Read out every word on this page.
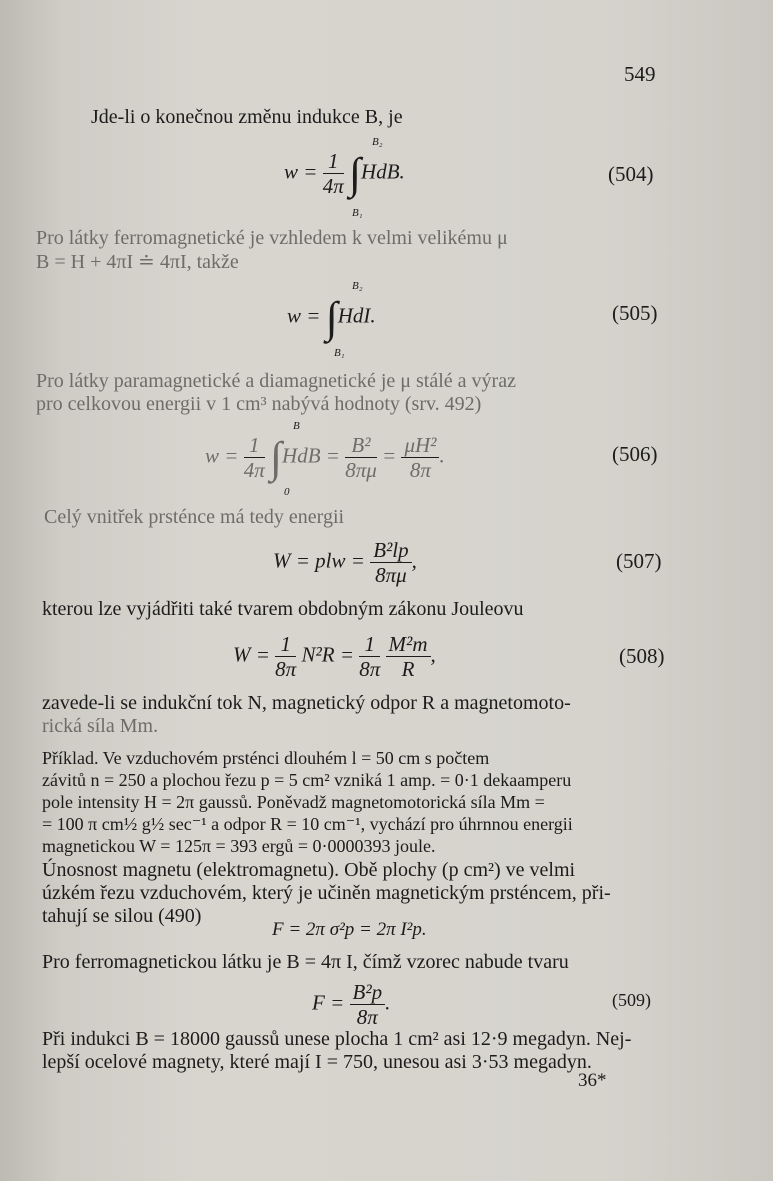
549
Jde-li o konečnou změnu indukce B, je
$w = \frac{1}{4\pi} \int HdB$.
B₂
B₁
(504)
Pro látky ferromagnetické je vzhledem k velmi velikému μ
B = H + 4πI ≐ 4πI, takže
w = ∫HdI.
B₂
B₁
(505)
Pro látky paramagnetické a diamagnetické je μ stálé a výraz
pro celkovou energii v 1 cm³ nabývá hodnoty (srv. 492)
$w = \frac{1}{4\pi} \int HdB = \frac{\text{B²}}{8\pi\mu} = \frac{\text{μH²}}{8\pi}$ .
B
0
(506)
Celý vnitřek prsténce má tedy energii
W = plw = $\frac{\text{B²lp}}{8\pi\mu}$ ,	(507)
kterou lze vyjádřiti také tvarem obdobným zákonu Jouleovu
$W = \frac{1}{8\pi} N^2R = \frac{1}{8\pi}$
$\frac{\text{M²m}}{R}$ ,	(508)
zavede-li se indukční tok N, magnetický odpor R a magnetomoto-
rická síla Mm.
Příklad. Ve vzduchovém prsténci dlouhém l = 50 cm s počtem
závitů n = 250 a plochou řezu p = 5 cm² vzniká 1 amp. = 0·1 dekaamperu
pole intensity H = 2π gaussů. Poněvadž magnetomotorická síla Mm =
= 100 π cm½ g½ sec⁻¹ a odpor R = 10 cm⁻¹, vychází pro úhrnnou energii
magnetickou W = 125π = 393 ergů = 0·0000393 joule.
Únosnost magnetu (elektromagnetu). Obě plochy (p cm²) ve velmi
úzkém řezu vzduchovém, který je učiněn magnetickým prsténcem, při-
tahují se silou (490)
F = 2π σ²p = 2π I²p.
Pro ferromagnetickou látku je B = 4π I, čímž vzorec nabude tvaru
$F = \frac{\text{B²p}}{8\pi}$ .	(509)
Při indukci B = 18000 gaussů unese plocha 1 cm² asi 12·9 megadyn. Nej-
lepší ocelové magnety, které mají I = 750, unesou asi 3·53 megadyn.
36*
